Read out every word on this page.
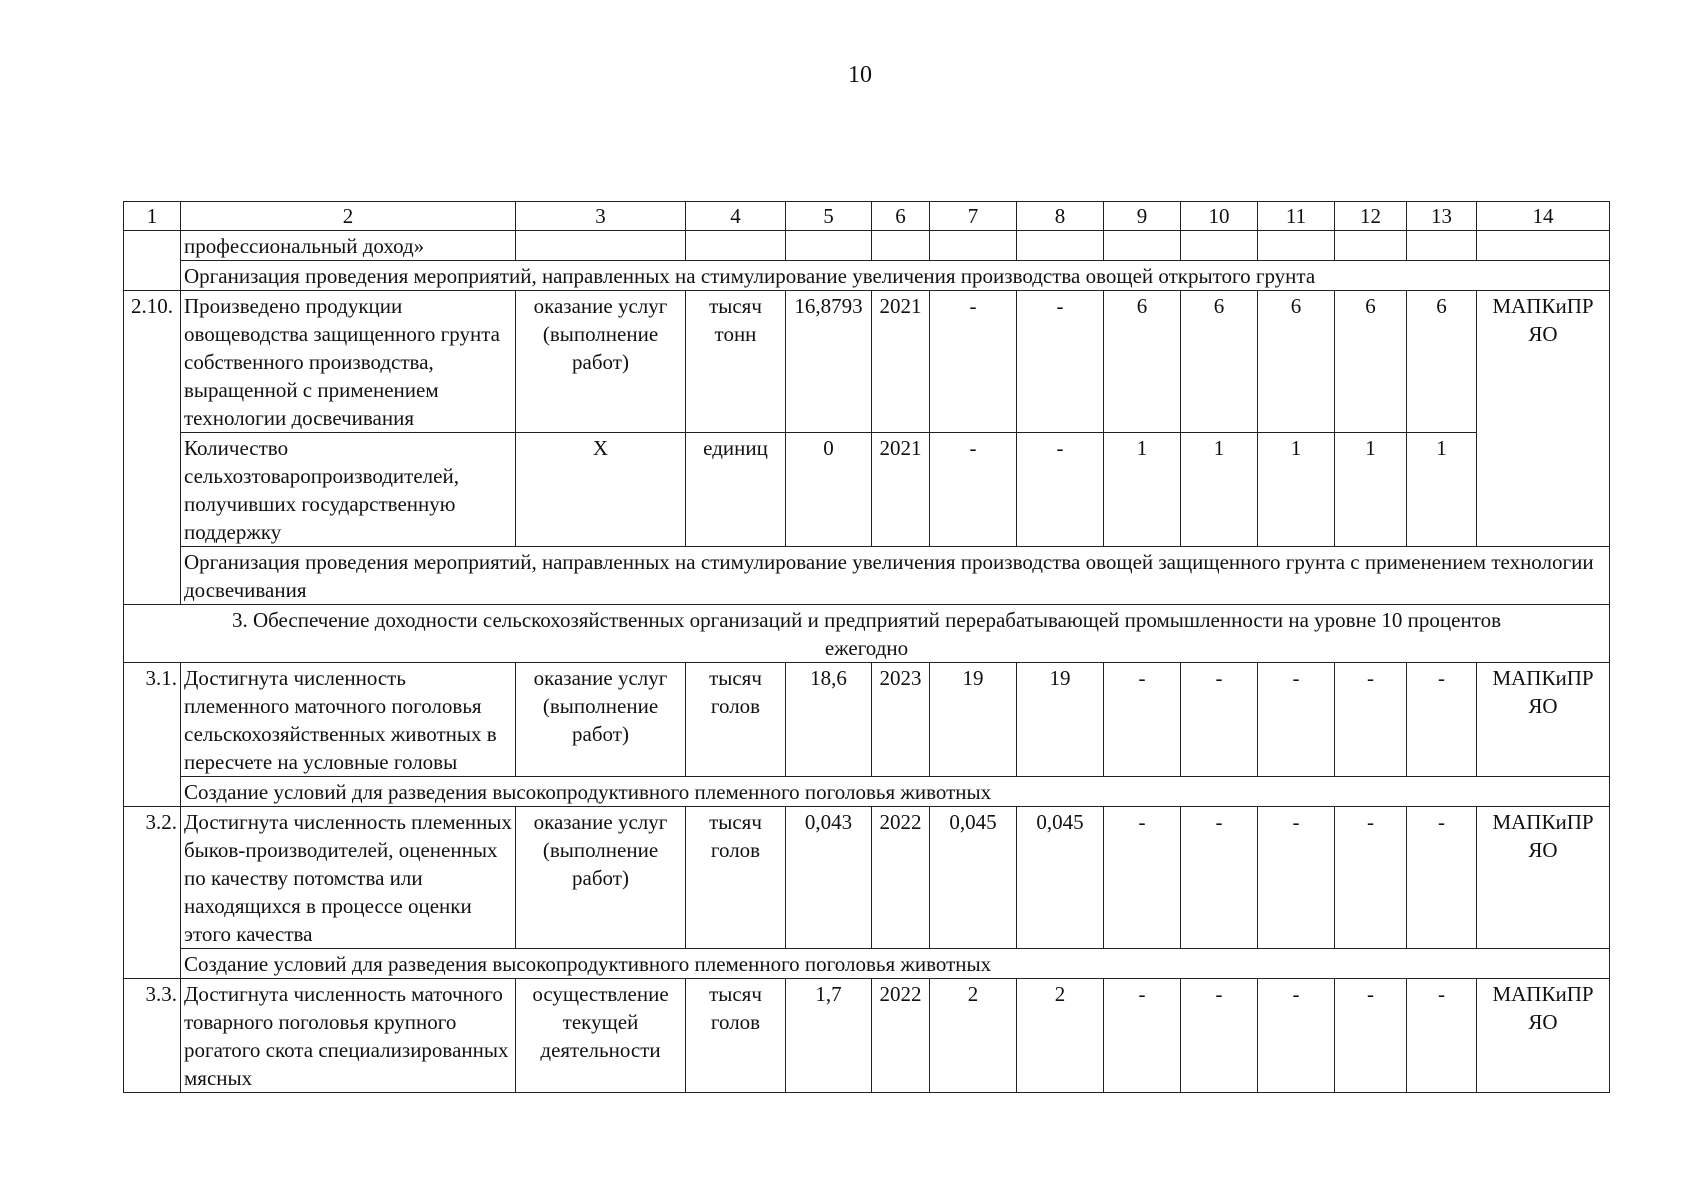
10
1	2	3	4	5	6	7	8	9	10	11	12	13	14
	профессиональный доход»												
	Организация проведения мероприятий, направленных на стимулирование увеличения производства овощей открытого грунта												
2.10.	Произведено продукции овощеводства защищенного грунта собственного производства, выращенной с применением технологии досвечивания	оказание услуг (выполнение работ)	тысяч тонн	16,8793	2021	-	-	6	6	6	6	6	МАПКиПР ЯО
	Количество сельхозтоваропроизводителей, получивших государственную поддержку	Х	единиц	0	2021	-	-	1	1	1	1	1	
	Организация проведения мероприятий, направленных на стимулирование увеличения производства овощей защищенного грунта с применением технологии досвечивания												
3. Обеспечение доходности сельскохозяйственных организаций и предприятий перерабатывающей промышленности на уровне 10 процентов ежегодно													
3.1.	Достигнута численность племенного маточного поголовья сельскохозяйственных животных в пересчете на условные головы	оказание услуг (выполнение работ)	тысяч голов	18,6	2023	19	19	-	-	-	-	-	МАПКиПР ЯО
	Создание условий для разведения высокопродуктивного племенного поголовья животных												
3.2.	Достигнута численность племенных быков-производителей, оцененных по качеству потомства или находящихся в процессе оценки этого качества	оказание услуг (выполнение работ)	тысяч голов	0,043	2022	0,045	0,045	-	-	-	-	-	МАПКиПР ЯО
	Создание условий для разведения высокопродуктивного племенного поголовья животных												
3.3.	Достигнута численность маточного товарного поголовья крупного рогатого скота специализированных мясных	осуществление текущей деятельности	тысяч голов	1,7	2022	2	2	-	-	-	-	-	МАПКиПР ЯО
